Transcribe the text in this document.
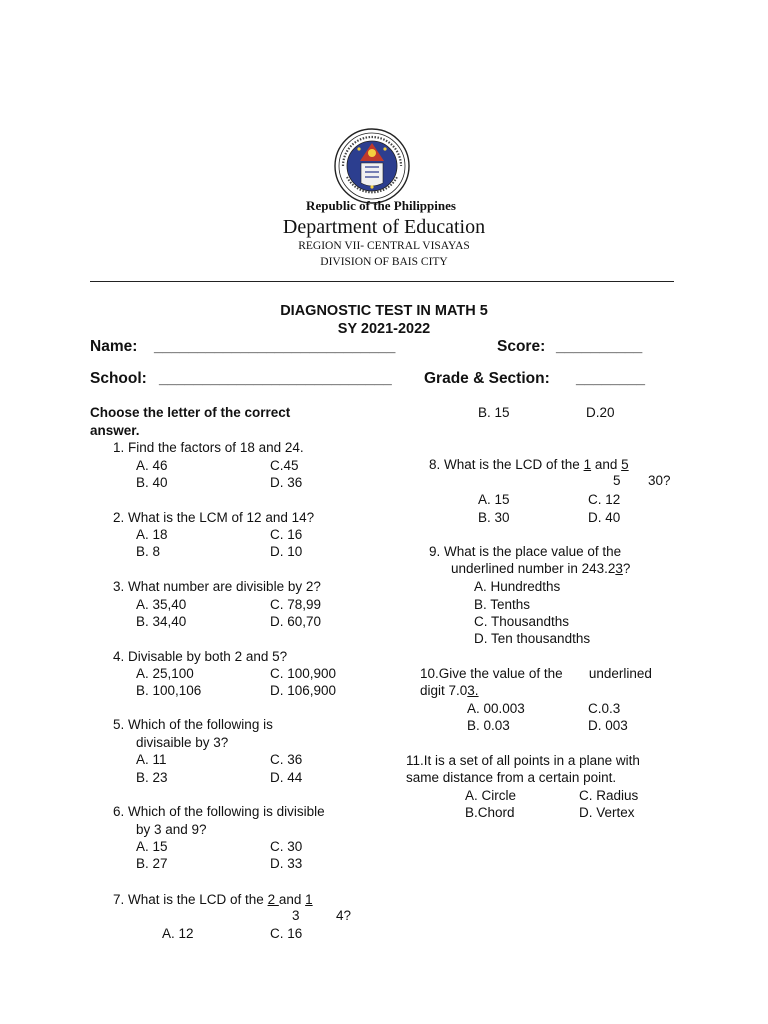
Republic of the Philippines
Department of Education
REGION VII- CENTRAL VISAYAS
DIVISION OF BAIS CITY
DIAGNOSTIC TEST IN MATH 5
SY 2021-2022
Name: ____________________________	Score: __________
School: ___________________________ Grade & Section: ________
Choose the letter of the correct
answer.
1. Find the factors of 18 and 24.
A. 46	C.45
B. 40	D. 36
2. What is the LCM of 12 and 14?
A. 18	C. 16
B. 8	D. 10
3. What number are divisible by 2?
A. 35,40	C. 78,99
B. 34,40	D. 60,70
4. Divisable by both 2 and 5?
A. 25,100	C. 100,900
B. 100,106	D. 106,900
5. Which of the following is
divisaible by 3?
A. 11	C. 36
B. 23	D. 44
6. Which of the following is divisible
by 3 and 9?
A. 15	C. 30
B. 27	D. 33
7. What is the LCD of the 2 and 1
3	4?
A. 12	C. 16
B. 15	D.20
8. What is the LCD of the 1 and 5
5 30?
A. 15	C. 12
B. 30	D. 40
9. What is the place value of the
underlined number in 243.23?
A. Hundredths
B. Tenths
C. Thousandths
D. Ten thousandths
10.Give the value of the       underlined
digit 7.03.
A. 00.003	C.0.3
B. 0.03	D. 003
11.It is a set of all points in a plane with
same distance from a certain point.
A. Circle	C. Radius
B.Chord	D. Vertex
